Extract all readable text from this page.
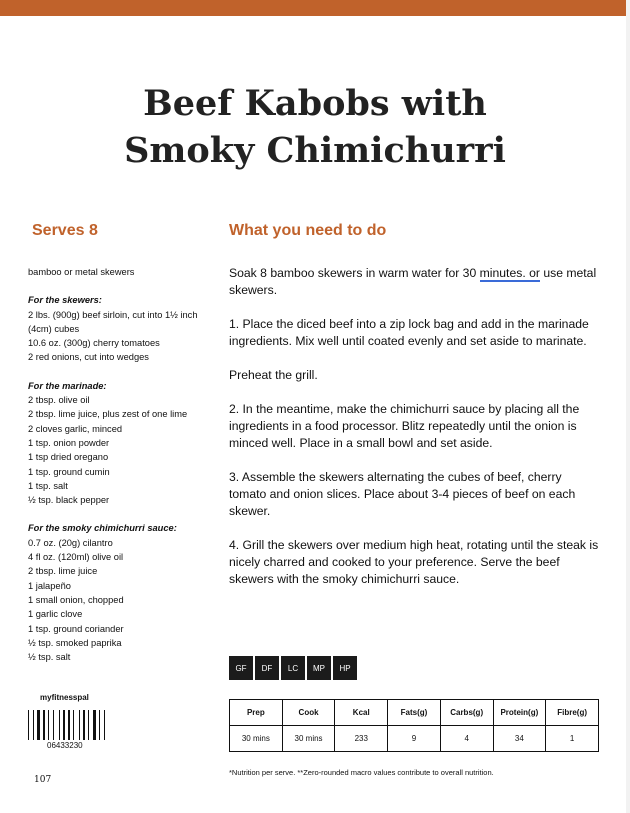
Beef Kabobs with
Smoky Chimichurri
Serves 8	What you need to do
bamboo or metal skewers
For the skewers:
2 lbs. (900g) beef sirloin, cut into 1½ inch (4cm) cubes
10.6 oz. (300g) cherry tomatoes
2 red onions, cut into wedges
For the marinade:
2 tbsp. olive oil
2 tbsp. lime juice, plus zest of one lime
2 cloves garlic, minced
1 tsp. onion powder
1 tsp dried oregano
1 tsp. ground cumin
1 tsp. salt
½ tsp. black pepper
For the smoky chimichurri sauce:
0.7 oz. (20g) cilantro
4 fl oz. (120ml) olive oil
2 tbsp. lime juice
1 jalapeño
1 small onion, chopped
1 garlic clove
1 tsp. ground coriander
½ tsp. smoked paprika
½ tsp. salt

Soak 8 bamboo skewers in warm water for 30 minutes. or use metal skewers.

1. Place the diced beef into a zip lock bag and add in the marinade ingredients. Mix well until coated evenly and set aside to marinate.

Preheat the grill.

2. In the meantime, make the chimichurri sauce by placing all the ingredients in a food processor. Blitz repeatedly until the onion is minced well. Place in a small bowl and set aside.

3. Assemble the skewers alternating the cubes of beef, cherry tomato and onion slices. Place about 3-4 pieces of beef on each skewer.

4. Grill the skewers over medium high heat, rotating until the steak is nicely charred and cooked to your preference. Serve the beef skewers with the smoky chimichurri sauce.

myfitnesspal
06433230
107
GF	DF	LC	MP	HP
Prep	Cook	Kcal	Fats(g)	Carbs(g)	Protein(g)	Fibre(g)
30 mins	30 mins	233	9	4	34	1
*Nutrition per serve. **Zero-rounded macro values contribute to overall nutrition.
